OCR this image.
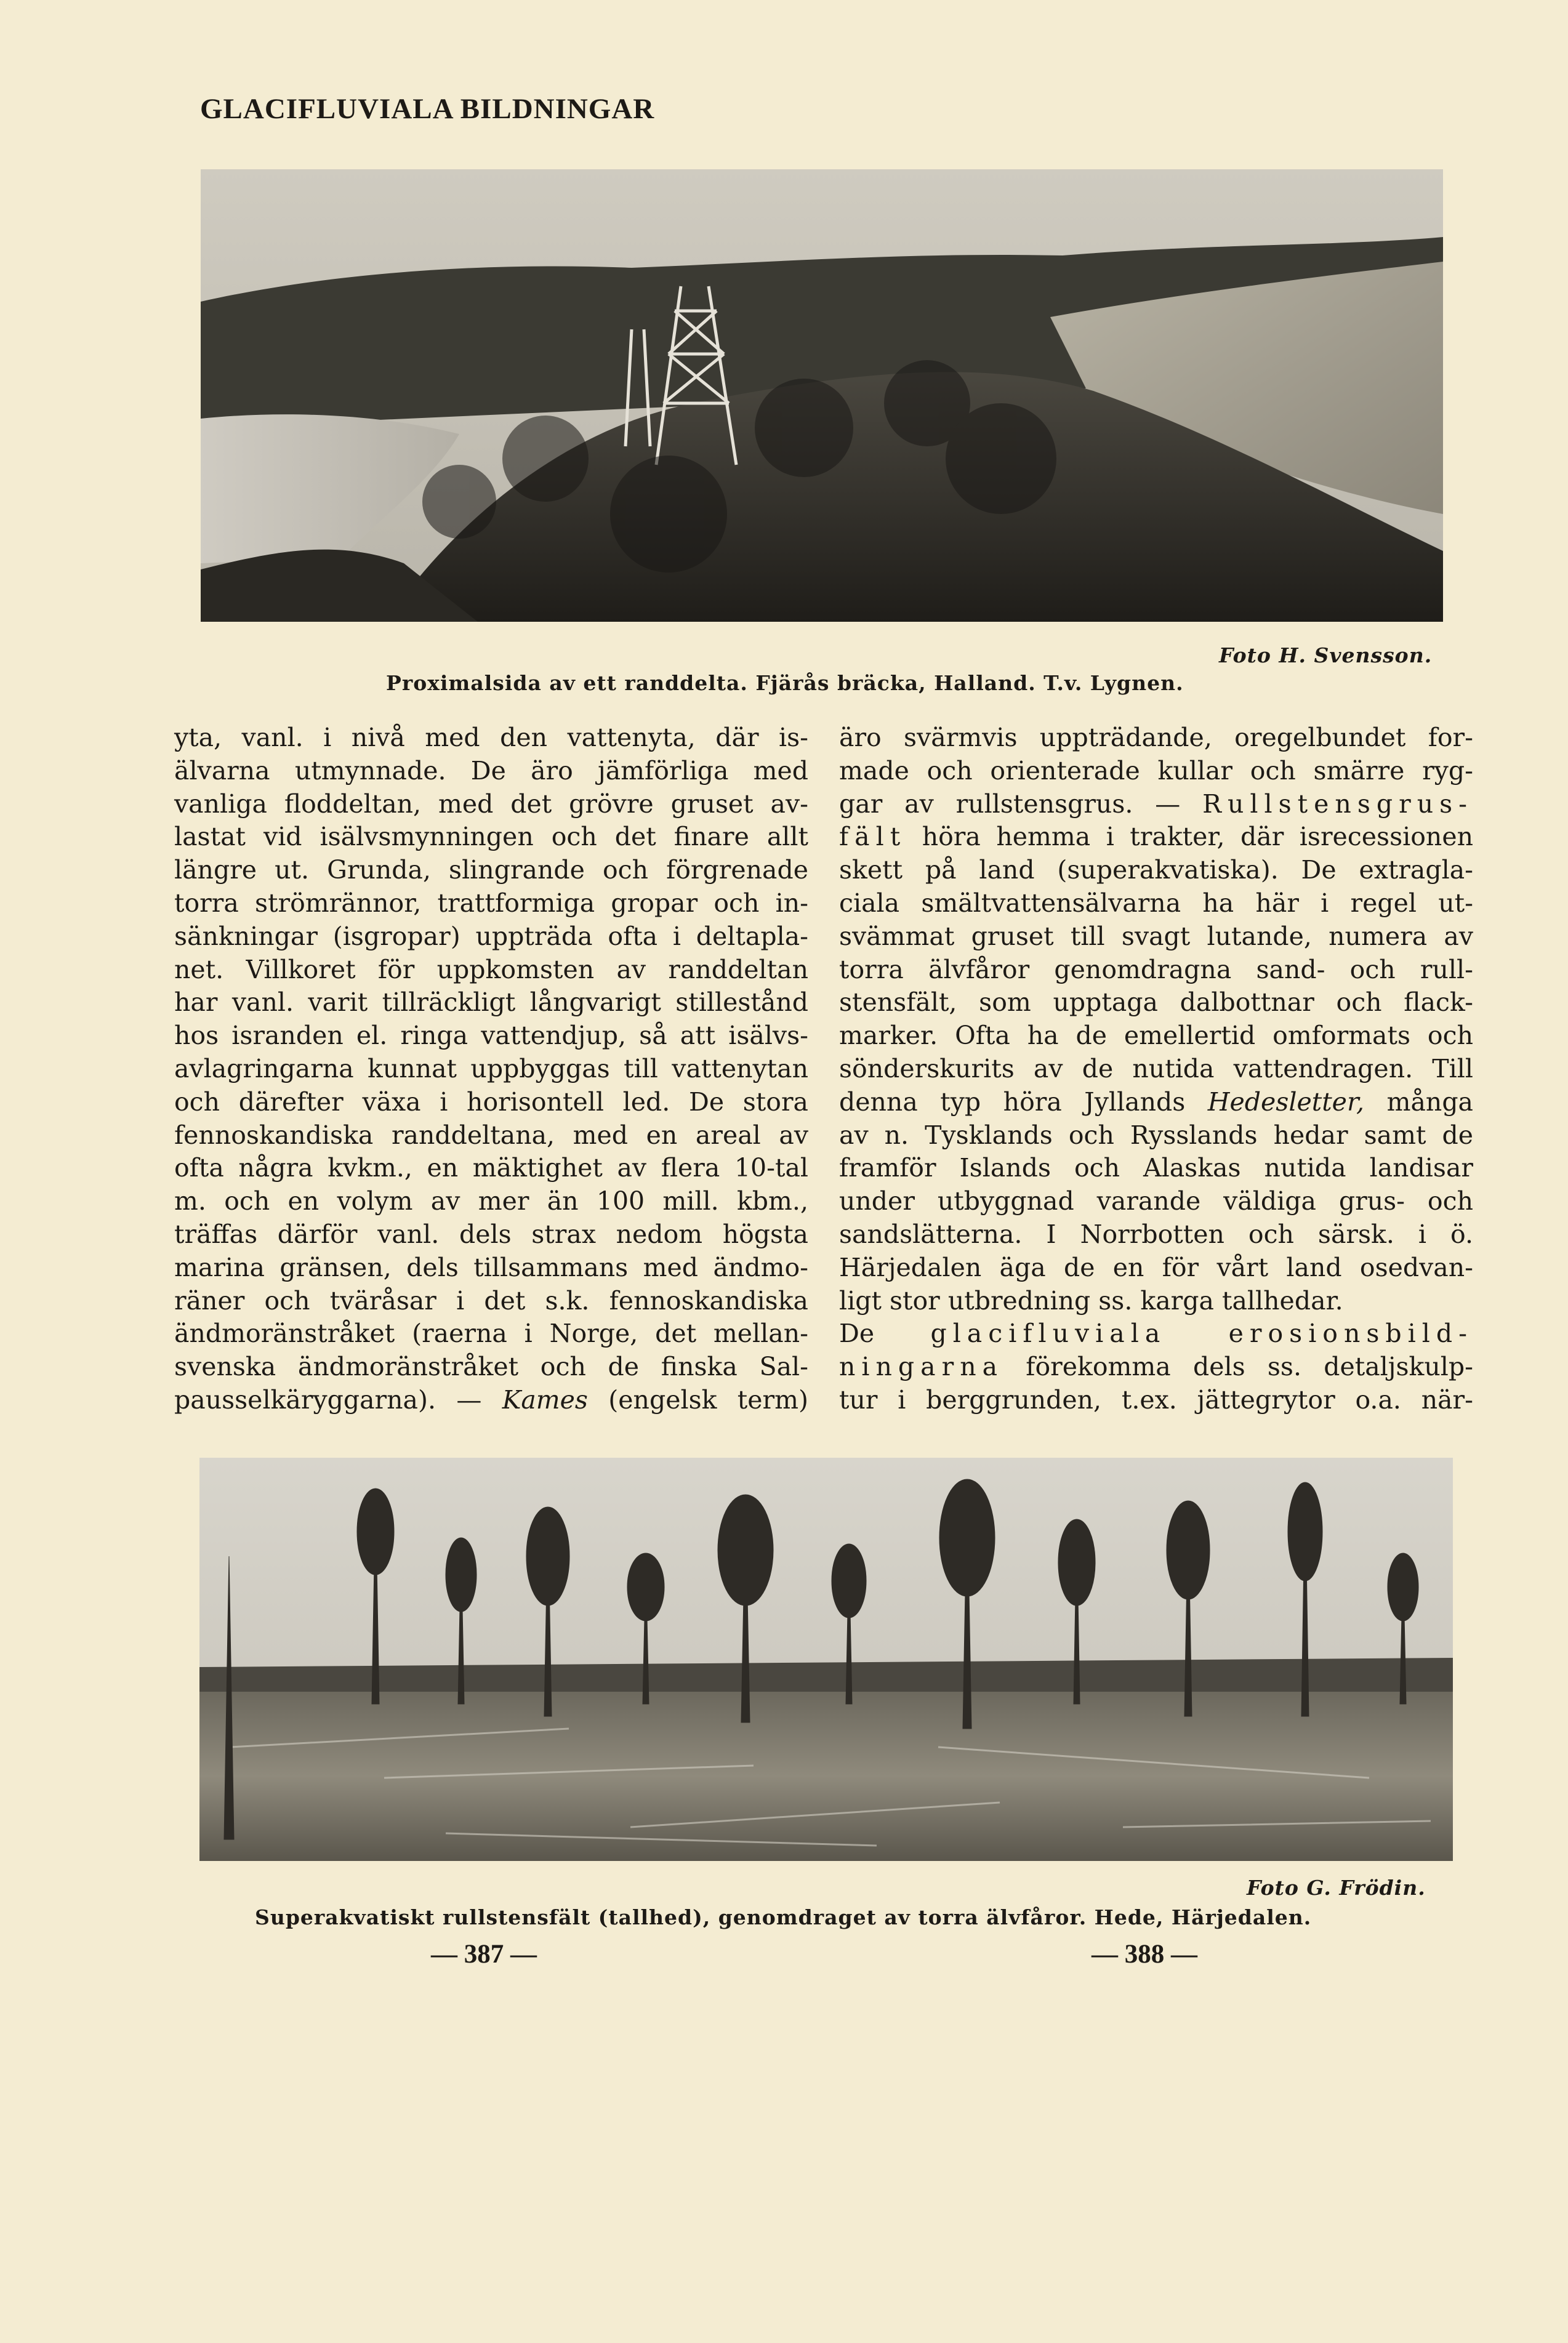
GLACIFLUVIALA BILDNINGAR
Foto H. Svensson.
Proximalsida av ett randdelta. Fjärås bräcka, Halland. T.v. Lygnen.
yta, vanl. i nivå med den vattenyta, där is-
älvarna utmynnade. De äro jämförliga med
vanliga floddeltan, med det grövre gruset av-
lastat vid isälvsmynningen och det finare allt
längre ut. Grunda, slingrande och förgrenade
torra strömrännor, trattformiga gropar och in-
sänkningar (isgropar) uppträda ofta i deltapla-
net. Villkoret för uppkomsten av randdeltan
har vanl. varit tillräckligt långvarigt stillestånd
hos isranden el. ringa vattendjup, så att isälvs-
avlagringarna kunnat uppbyggas till vattenytan
och därefter växa i horisontell led. De stora
fennoskandiska randdeltana, med en areal av
ofta några kvkm., en mäktighet av flera 10-tal
m. och en volym av mer än 100 mill. kbm.,
träffas därför vanl. dels strax nedom högsta
marina gränsen, dels tillsammans med ändmo-
räner och tväråsar i det s.k. fennoskandiska
ändmoränstråket (raerna i Norge, det mellan-
svenska ändmoränstråket och de finska Sal-
pausselkäryggarna). — Kames (engelsk term)
äro svärmvis uppträdande, oregelbundet for-
made och orienterade kullar och smärre ryg-
gar av rullstensgrus. — Rullstensgrus-
fält höra hemma i trakter, där isrecessionen
skett på land (superakvatiska). De extragla-
ciala smältvattensälvarna ha här i regel ut-
svämmat gruset till svagt lutande, numera av
torra älvfåror genomdragna sand- och rull-
stensfält, som upptaga dalbottnar och flack-
marker. Ofta ha de emellertid omformats och
sönderskurits av de nutida vattendragen. Till
denna typ höra Jyllands Hedesletter, många
av n. Tysklands och Rysslands hedar samt de
framför Islands och Alaskas nutida landisar
under utbyggnad varande väldiga grus- och
sandslätterna. I Norrbotten och särsk. i ö.
Härjedalen äga de en för vårt land osedvan-
ligt stor utbredning ss. karga tallhedar.
De glacifluviala erosionsbild-
ningarna förekomma dels ss. detaljskulp-
tur i berggrunden, t.ex. jättegrytor o.a. när-
Foto G. Frödin.
Superakvatiskt rullstensfält (tallhed), genomdraget av torra älvfåror. Hede, Härjedalen.
— 387 —	— 388 —
